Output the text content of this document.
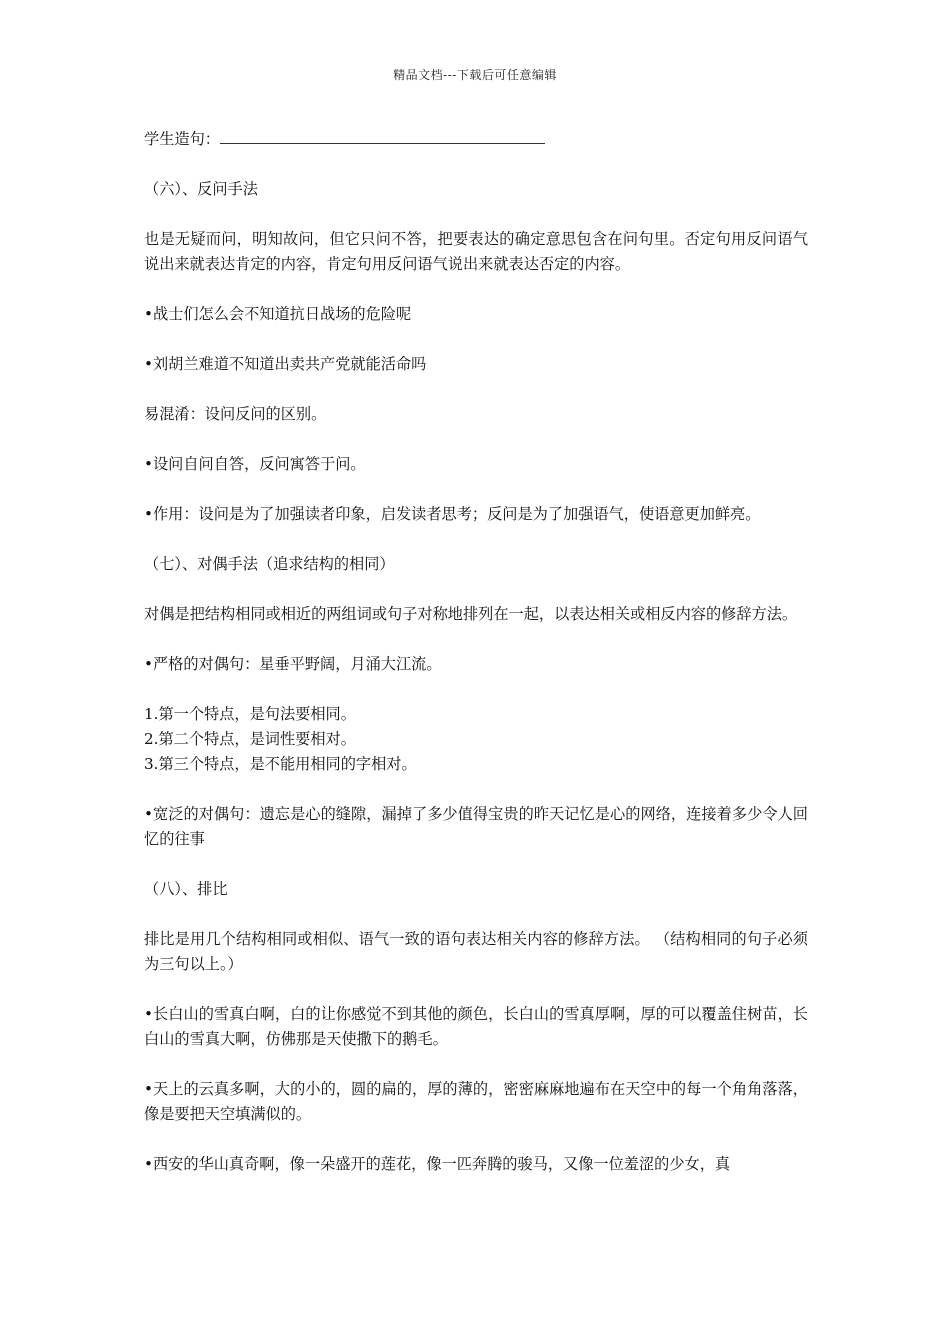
精品文档---下载后可任意编辑

学生造句：

（六）、反问手法

也是无疑而问，明知故问，但它只问不答，把要表达的确定意思包含在问句里。否定句用反问语气说出来就表达肯定的内容，肯定句用反问语气说出来就表达否定的内容。

•战士们怎么会不知道抗日战场的危险呢

•刘胡兰难道不知道出卖共产党就能活命吗

易混淆：设问反问的区别。

•设问自问自答，反问寓答于问。

•作用：设问是为了加强读者印象，启发读者思考；反问是为了加强语气，使语意更加鲜亮。

（七）、对偶手法（追求结构的相同）

对偶是把结构相同或相近的两组词或句子对称地排列在一起，以表达相关或相反内容的修辞方法。

•严格的对偶句：星垂平野阔，月涌大江流。

1.第一个特点，是句法要相同。

2.第二个特点，是词性要相对。

3.第三个特点，是不能用相同的字相对。

•宽泛的对偶句：遗忘是心的缝隙，漏掉了多少值得宝贵的昨天记忆是心的网络，连接着多少令人回忆的往事

（八）、排比

排比是用几个结构相同或相似、语气一致的语句表达相关内容的修辞方法。 （结构相同的句子必须为三句以上。）

•长白山的雪真白啊，白的让你感觉不到其他的颜色，长白山的雪真厚啊，厚的可以覆盖住树苗，长白山的雪真大啊，仿佛那是天使撒下的鹅毛。

•天上的云真多啊，大的小的，圆的扁的，厚的薄的，密密麻麻地遍布在天空中的每一个角角落落，像是要把天空填满似的。

•西安的华山真奇啊，像一朵盛开的莲花，像一匹奔腾的骏马，又像一位羞涩的少女，真
